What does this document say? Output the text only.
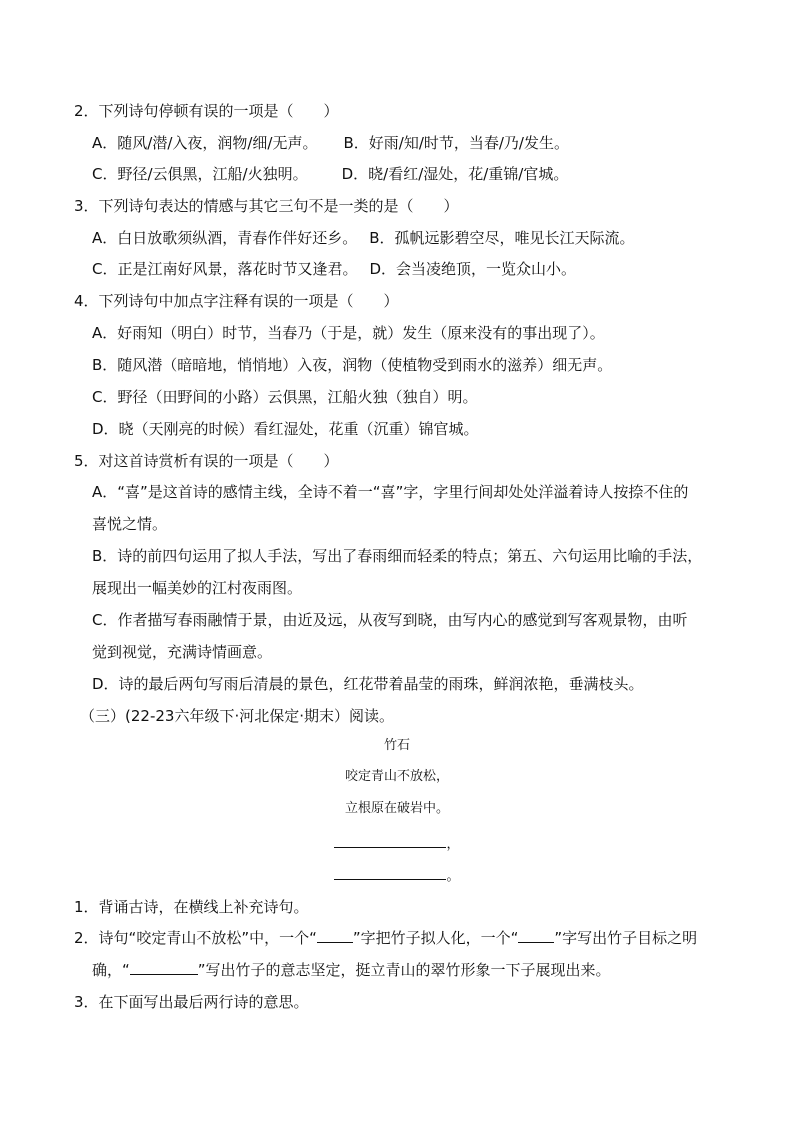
2．下列诗句停顿有误的一项是（　　）
A．随风/潜/入夜，润物/细/无声。 B．好雨/知/时节，当春/乃/发生。
C．野径/云俱黑，江船/火独明。 D．晓/看红/湿处，花/重锦/官城。
3．下列诗句表达的情感与其它三句不是一类的是（　　）
A．白日放歌须纵酒，青春作伴好还乡。 B．孤帆远影碧空尽，唯见长江天际流。
C．正是江南好风景，落花时节又逢君。 D．会当凌绝顶，一览众山小。
4．下列诗句中加点字注释有误的一项是（　　）
A．好雨知（明白）时节，当春乃（于是，就）发生（原来没有的事出现了）。
B．随风潜（暗暗地，悄悄地）入夜，润物（使植物受到雨水的滋养）细无声。
C．野径（田野间的小路）云俱黑，江船火独（独自）明。
D．晓（天刚亮的时候）看红湿处，花重（沉重）锦官城。
5．对这首诗赏析有误的一项是（　　）
A．“喜”是这首诗的感情主线，全诗不着一“喜”字，字里行间却处处洋溢着诗人按捺不住的
喜悦之情。
B．诗的前四句运用了拟人手法，写出了春雨细而轻柔的特点；第五、六句运用比喻的手法，
展现出一幅美妙的江村夜雨图。
C．作者描写春雨融情于景，由近及远，从夜写到晓，由写内心的感觉到写客观景物，由听
觉到视觉，充满诗情画意。
D．诗的最后两句写雨后清晨的景色，红花带着晶莹的雨珠，鲜润浓艳，垂满枝头。
（三）(22-23六年级下·河北保定·期末）阅读。
竹石
咬定青山不放松，
立根原在破岩中。
，
。
1．背诵古诗，在横线上补充诗句。
2．诗句“咬定青山不放松”中，一个“ ”字把竹子拟人化，一个“ ”字写出竹子目标之明
确，“	”写出竹子的意志坚定，挺立青山的翠竹形象一下子展现出来。
3．在下面写出最后两行诗的意思。
